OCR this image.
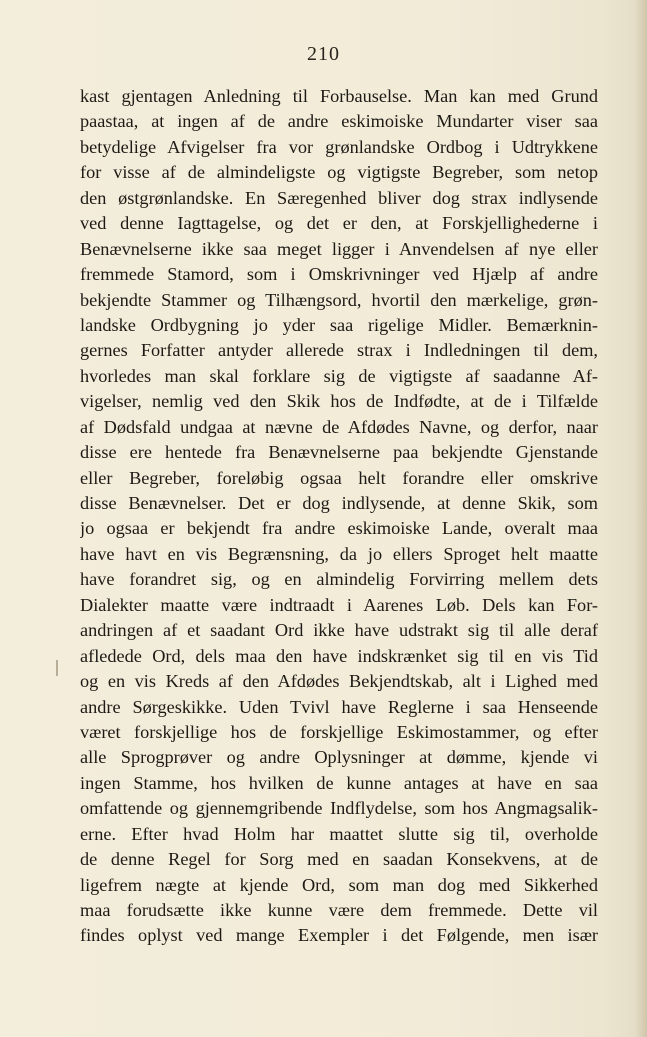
210
kast gjentagen Anledning til Forbauselse. Man kan med Grund
paastaa, at ingen af de andre eskimoiske Mundarter viser saa
betydelige Afvigelser fra vor grønlandske Ordbog i Udtrykkene
for visse af de almindeligste og vigtigste Begreber, som netop
den østgrønlandske. En Særegenhed bliver dog strax indlysende
ved denne Iagttagelse, og det er den, at Forskjellighederne i
Benævnelserne ikke saa meget ligger i Anvendelsen af nye eller
fremmede Stamord, som i Omskrivninger ved Hjælp af andre
bekjendte Stammer og Tilhængsord, hvortil den mærkelige, grøn-
landske Ordbygning jo yder saa rigelige Midler. Bemærknin-
gernes Forfatter antyder allerede strax i Indledningen til dem,
hvorledes man skal forklare sig de vigtigste af saadanne Af-
vigelser, nemlig ved den Skik hos de Indfødte, at de i Tilfælde
af Dødsfald undgaa at nævne de Afdødes Navne, og derfor, naar
disse ere hentede fra Benævnelserne paa bekjendte Gjenstande
eller Begreber, foreløbig ogsaa helt forandre eller omskrive
disse Benævnelser. Det er dog indlysende, at denne Skik, som
jo ogsaa er bekjendt fra andre eskimoiske Lande, overalt maa
have havt en vis Begrænsning, da jo ellers Sproget helt maatte
have forandret sig, og en almindelig Forvirring mellem dets
Dialekter maatte være indtraadt i Aarenes Løb. Dels kan For-
andringen af et saadant Ord ikke have udstrakt sig til alle deraf
afledede Ord, dels maa den have indskrænket sig til en vis Tid
og en vis Kreds af den Afdødes Bekjendtskab, alt i Lighed med
andre Sørgeskikke. Uden Tvivl have Reglerne i saa Henseende
været forskjellige hos de forskjellige Eskimostammer, og efter
alle Sprogprøver og andre Oplysninger at dømme, kjende vi
ingen Stamme, hos hvilken de kunne antages at have en saa
omfattende og gjennemgribende Indflydelse, som hos Angmagsalik-
erne. Efter hvad Holm har maattet slutte sig til, overholde
de denne Regel for Sorg med en saadan Konsekvens, at de
ligefrem nægte at kjende Ord, som man dog med Sikkerhed
maa forudsætte ikke kunne være dem fremmede. Dette vil
findes oplyst ved mange Exempler i det Følgende, men især
